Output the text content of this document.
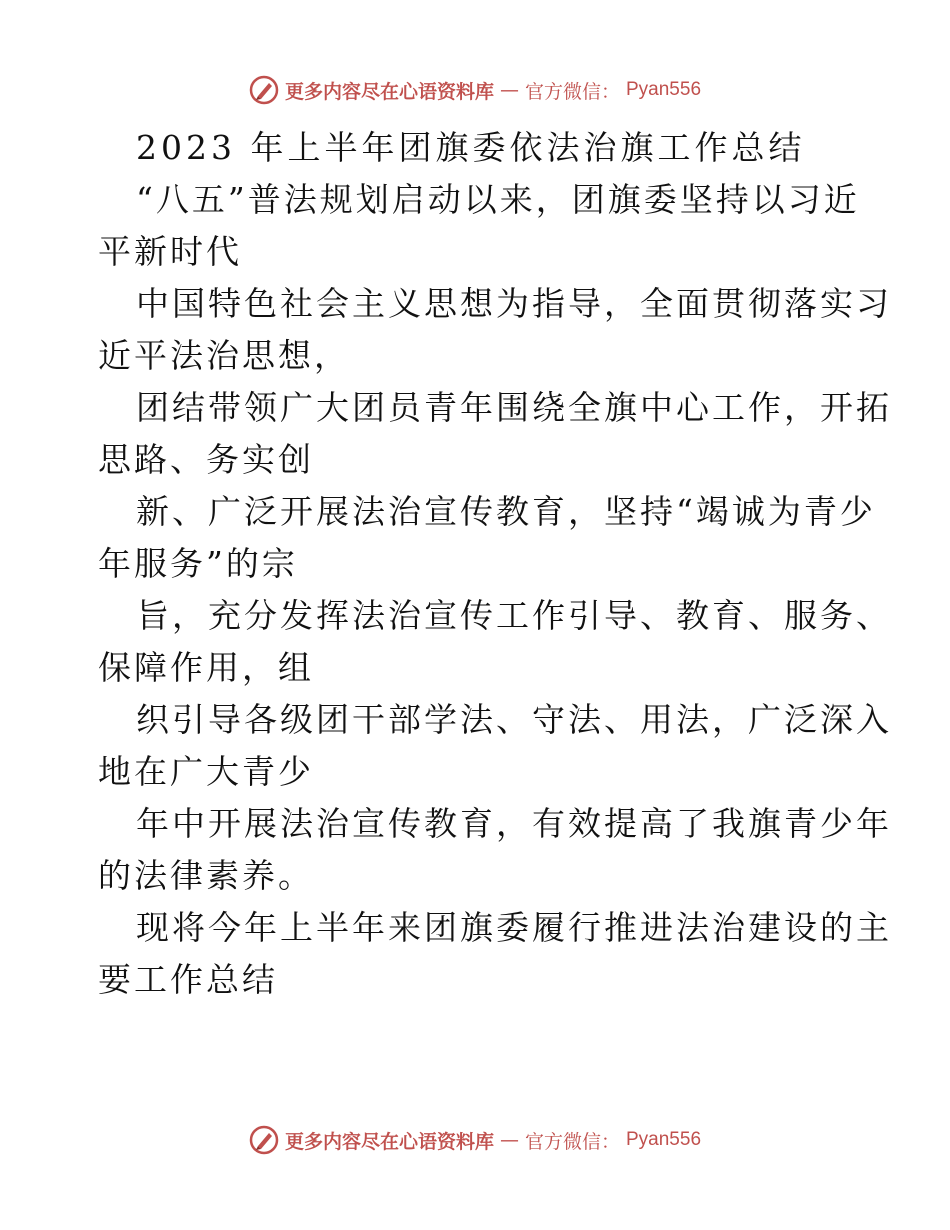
更多内容尽在心语资料库 — 官方微信： Pyan556
2023 年上半年团旗委依法治旗工作总结
“八五”普法规划启动以来，团旗委坚持以习近
平新时代
中国特色社会主义思想为指导，全面贯彻落实习
近平法治思想，
团结带领广大团员青年围绕全旗中心工作，开拓
思路、务实创
新、广泛开展法治宣传教育，坚持“竭诚为青少
年服务”的宗
旨，充分发挥法治宣传工作引导、教育、服务、
保障作用，组
织引导各级团干部学法、守法、用法，广泛深入
地在广大青少
年中开展法治宣传教育，有效提高了我旗青少年
的法律素养。
现将今年上半年来团旗委履行推进法治建设的主
要工作总结
更多内容尽在心语资料库 — 官方微信： Pyan556
